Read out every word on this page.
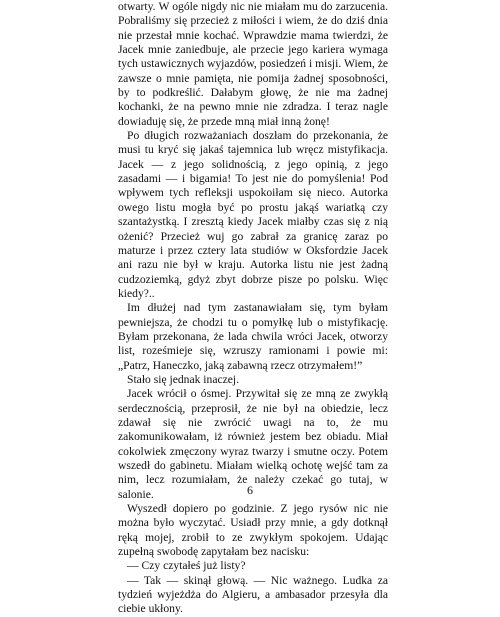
otwarty. W ogóle nigdy nic nie miałam mu do zarzucenia. Pobraliśmy się przecież z miłości i wiem, że do dziś dnia nie przestał mnie kochać. Wprawdzie mama twierdzi, że Jacek mnie zaniedbuje, ale przecie jego kariera wymaga tych ustawicznych wyjazdów, posiedzeń i misji. Wiem, że zawsze o mnie pamięta, nie pomija żadnej sposobności, by to podkreślić. Dałabym głowę, że nie ma żadnej kochanki, że na pewno mnie nie zdradza. I teraz nagle dowiaduję się, że przede mną miał inną żonę!

Po długich rozważaniach doszłam do przekonania, że musi tu kryć się jakaś tajemnica lub wręcz mistyfikacja. Jacek — z jego solidnością, z jego opinią, z jego zasadami — i bigamia! To jest nie do pomyślenia! Pod wpływem tych refleksji uspokoiłam się nieco. Autorka owego listu mogła być po prostu jakąś wariatką czy szantażystką. I zresztą kiedy Jacek miałby czas się z nią ożenić? Przecież wuj go zabrał za granicę zaraz po maturze i przez cztery lata studiów w Oksfordzie Jacek ani razu nie był w kraju. Autorka listu nie jest żadną cudzoziemką, gdyż zbyt dobrze pisze po polsku. Więc kiedy?..

Im dłużej nad tym zastanawiałam się, tym byłam pewniejsza, że chodzi tu o pomyłkę lub o mistyfikację. Byłam przekonana, że lada chwila wróci Jacek, otworzy list, roześmieje się, wzruszy ramionami i powie mi: „Patrz, Haneczko, jaką zabawną rzecz otrzymałem!”

Stało się jednak inaczej.

Jacek wrócił o ósmej. Przywitał się ze mną ze zwykłą serdecznością, przeprosił, że nie był na obiedzie, lecz zdawał się nie zwrócić uwagi na to, że mu zakomunikowałam, iż również jestem bez obiadu. Miał cokolwiek zmęczony wyraz twarzy i smutne oczy. Potem wszedł do gabinetu. Miałam wielką ochotę wejść tam za nim, lecz rozumiałam, że należy czekać go tutaj, w salonie.

Wyszedł dopiero po godzinie. Z jego rysów nic nie można było wyczytać. Usiadł przy mnie, a gdy dotknął ręką mojej, zrobił to ze zwykłym spokojem. Udając zupełną swobodę zapytałam bez nacisku:

— Czy czytałeś już listy?

— Tak — skinął głową. — Nic ważnego. Ludka za tydzień wyjeżdża do Algieru, a ambasador przesyła dla ciebie ukłony.

6
